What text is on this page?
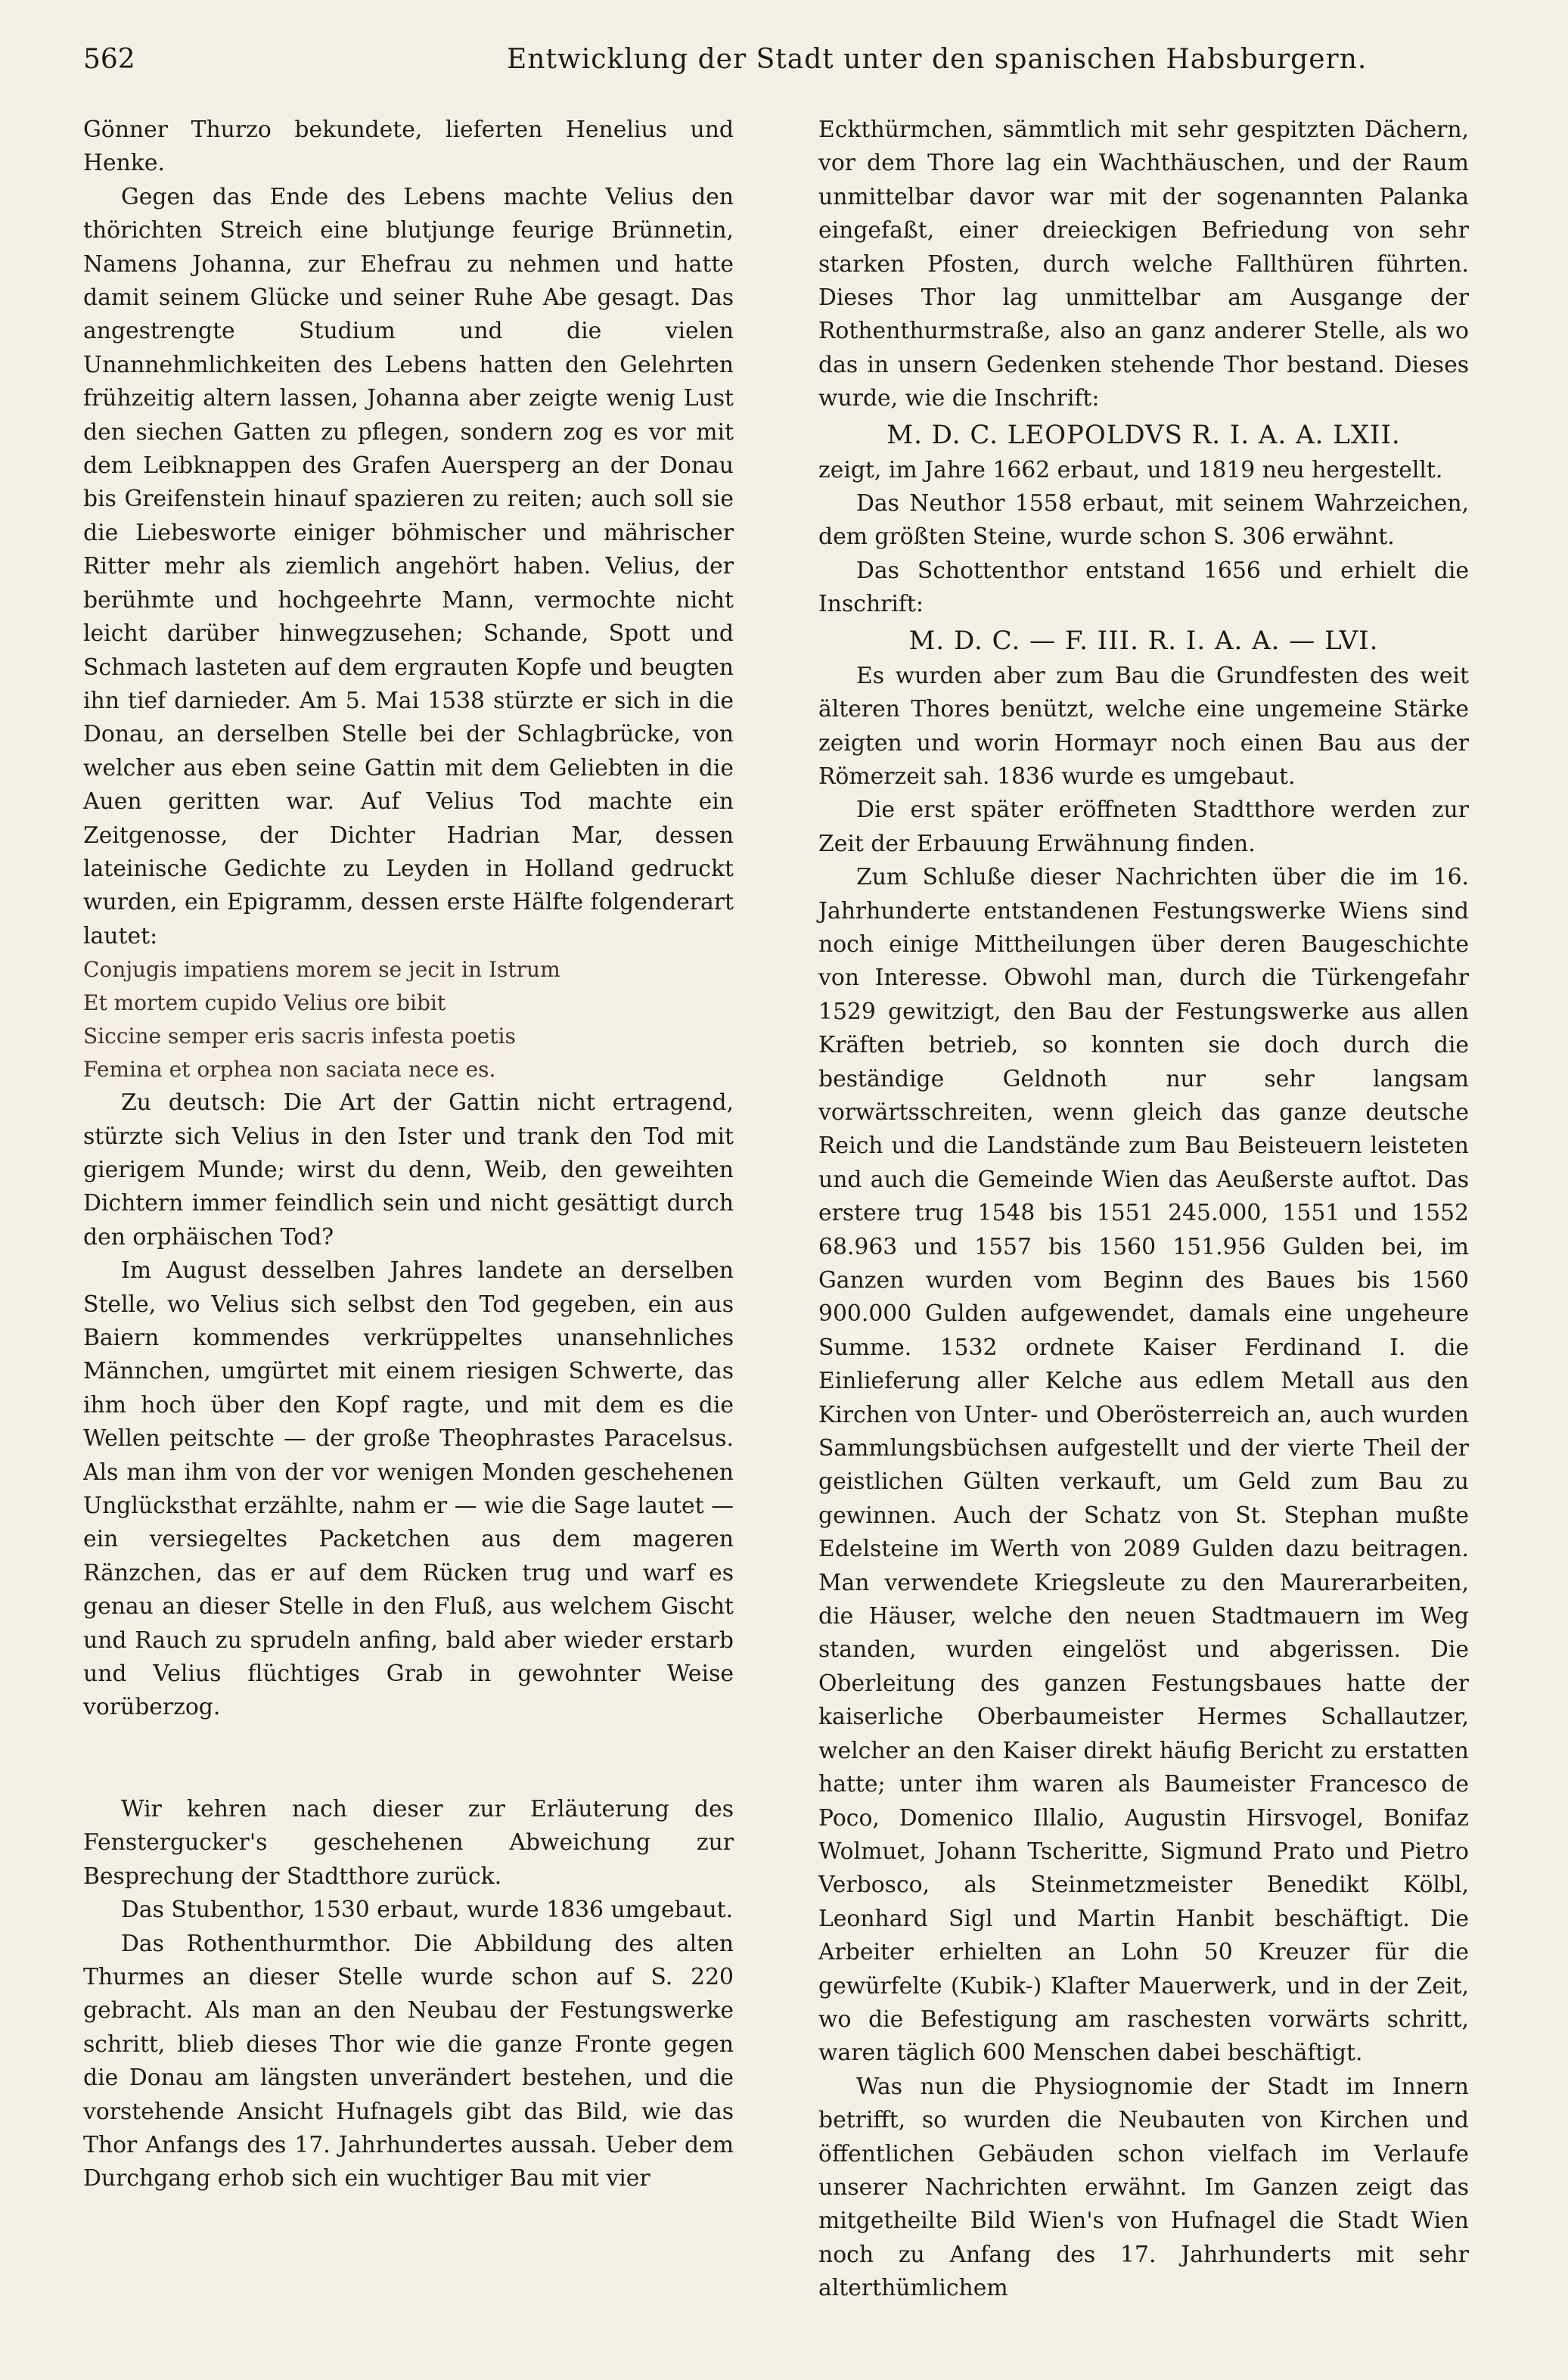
562	Entwicklung der Stadt unter den spanischen Habsburgern.

Gönner Thurzo bekundete, lieferten Henelius und Henke.

Gegen das Ende des Lebens machte Velius den thörichten Streich eine blutjunge feurige Brünnetin, Namens Johanna, zur Ehefrau zu nehmen und hatte damit seinem Glücke und seiner Ruhe Abe gesagt. Das angestrengte Studium und die vielen Unannehmlichkeiten des Lebens hatten den Gelehrten frühzeitig altern lassen, Johanna aber zeigte wenig Lust den siechen Gatten zu pflegen, sondern zog es vor mit dem Leibknappen des Grafen Auersperg an der Donau bis Greifenstein hinauf spazieren zu reiten; auch soll sie die Liebesworte einiger böhmischer und mährischer Ritter mehr als ziemlich angehört haben. Velius, der berühmte und hochgeehrte Mann, vermochte nicht leicht darüber hinwegzusehen; Schande, Spott und Schmach lasteten auf dem ergrauten Kopfe und beugten ihn tief darnieder. Am 5. Mai 1538 stürzte er sich in die Donau, an derselben Stelle bei der Schlagbrücke, von welcher aus eben seine Gattin mit dem Geliebten in die Auen geritten war. Auf Velius Tod machte ein Zeitgenosse, der Dichter Hadrian Mar, dessen lateinische Gedichte zu Leyden in Holland gedruckt wurden, ein Epigramm, dessen erste Hälfte folgenderart lautet:

Conjugis impatiens morem se jecit in Istrum

Et mortem cupido Velius ore bibit

Siccine semper eris sacris infesta poetis

Femina et orphea non saciata nece es.

Zu deutsch: Die Art der Gattin nicht ertragend, stürzte sich Velius in den Ister und trank den Tod mit gierigem Munde; wirst du denn, Weib, den geweihten Dichtern immer feindlich sein und nicht gesättigt durch den orphäischen Tod?

Im August desselben Jahres landete an derselben Stelle, wo Velius sich selbst den Tod gegeben, ein aus Baiern kommendes verkrüppeltes unansehnliches Männchen, umgürtet mit einem riesigen Schwerte, das ihm hoch über den Kopf ragte, und mit dem es die Wellen peitschte — der große Theophrastes Paracelsus. Als man ihm von der vor wenigen Monden geschehenen Unglücksthat erzählte, nahm er — wie die Sage lautet — ein versiegeltes Packetchen aus dem mageren Ränzchen, das er auf dem Rücken trug und warf es genau an dieser Stelle in den Fluß, aus welchem Gischt und Rauch zu sprudeln anfing, bald aber wieder erstarb und Velius flüchtiges Grab in gewohnter Weise vorüberzog.

Wir kehren nach dieser zur Erläuterung des Fenstergucker's geschehenen Abweichung zur Besprechung der Stadtthore zurück.

Das Stubenthor, 1530 erbaut, wurde 1836 umgebaut.

Das Rothenthurmthor. Die Abbildung des alten Thurmes an dieser Stelle wurde schon auf S. 220 gebracht. Als man an den Neubau der Festungswerke schritt, blieb dieses Thor wie die ganze Fronte gegen die Donau am längsten unverändert bestehen, und die vorstehende Ansicht Hufnagels gibt das Bild, wie das Thor Anfangs des 17. Jahrhundertes aussah. Ueber dem Durchgang erhob sich ein wuchtiger Bau mit vier

Eckthürmchen, sämmtlich mit sehr gespitzten Dächern, vor dem Thore lag ein Wachthäuschen, und der Raum unmittelbar davor war mit der sogenannten Palanka eingefaßt, einer dreieckigen Befriedung von sehr starken Pfosten, durch welche Fallthüren führten. Dieses Thor lag unmittelbar am Ausgange der Rothenthurmstraße, also an ganz anderer Stelle, als wo das in unsern Gedenken stehende Thor bestand. Dieses wurde, wie die Inschrift:

M. D. C. LEOPOLDVS R. I. A. A. LXII.

zeigt, im Jahre 1662 erbaut, und 1819 neu hergestellt.

Das Neuthor 1558 erbaut, mit seinem Wahrzeichen, dem größten Steine, wurde schon S. 306 erwähnt.

Das Schottenthor entstand 1656 und erhielt die Inschrift:

M. D. C. — F. III. R. I. A. A. — LVI.

Es wurden aber zum Bau die Grundfesten des weit älteren Thores benützt, welche eine ungemeine Stärke zeigten und worin Hormayr noch einen Bau aus der Römerzeit sah. 1836 wurde es umgebaut.

Die erst später eröffneten Stadtthore werden zur Zeit der Erbauung Erwähnung finden.

Zum Schluße dieser Nachrichten über die im 16. Jahrhunderte entstandenen Festungswerke Wiens sind noch einige Mittheilungen über deren Baugeschichte von Interesse. Obwohl man, durch die Türkengefahr 1529 gewitzigt, den Bau der Festungswerke aus allen Kräften betrieb, so konnten sie doch durch die beständige Geldnoth nur sehr langsam vorwärtsschreiten, wenn gleich das ganze deutsche Reich und die Landstände zum Bau Beisteuern leisteten und auch die Gemeinde Wien das Aeußerste auftot. Das erstere trug 1548 bis 1551 245.000, 1551 und 1552 68.963 und 1557 bis 1560 151.956 Gulden bei, im Ganzen wurden vom Beginn des Baues bis 1560 900.000 Gulden aufgewendet, damals eine ungeheure Summe. 1532 ordnete Kaiser Ferdinand I. die Einlieferung aller Kelche aus edlem Metall aus den Kirchen von Unter- und Oberösterreich an, auch wurden Sammlungsbüchsen aufgestellt und der vierte Theil der geistlichen Gülten verkauft, um Geld zum Bau zu gewinnen. Auch der Schatz von St. Stephan mußte Edelsteine im Werth von 2089 Gulden dazu beitragen. Man verwendete Kriegsleute zu den Maurerarbeiten, die Häuser, welche den neuen Stadtmauern im Weg standen, wurden eingelöst und abgerissen. Die Oberleitung des ganzen Festungsbaues hatte der kaiserliche Oberbaumeister Hermes Schallautzer, welcher an den Kaiser direkt häufig Bericht zu erstatten hatte; unter ihm waren als Baumeister Francesco de Poco, Domenico Illalio, Augustin Hirsvogel, Bonifaz Wolmuet, Johann Tscheritte, Sigmund Prato und Pietro Verbosco, als Steinmetzmeister Benedikt Kölbl, Leonhard Sigl und Martin Hanbit beschäftigt. Die Arbeiter erhielten an Lohn 50 Kreuzer für die gewürfelte (Kubik-) Klafter Mauerwerk, und in der Zeit, wo die Befestigung am raschesten vorwärts schritt, waren täglich 600 Menschen dabei beschäftigt.

Was nun die Physiognomie der Stadt im Innern betrifft, so wurden die Neubauten von Kirchen und öffentlichen Gebäuden schon vielfach im Verlaufe unserer Nachrichten erwähnt. Im Ganzen zeigt das mitgetheilte Bild Wien's von Hufnagel die Stadt Wien noch zu Anfang des 17. Jahrhunderts mit sehr alterthümlichem
